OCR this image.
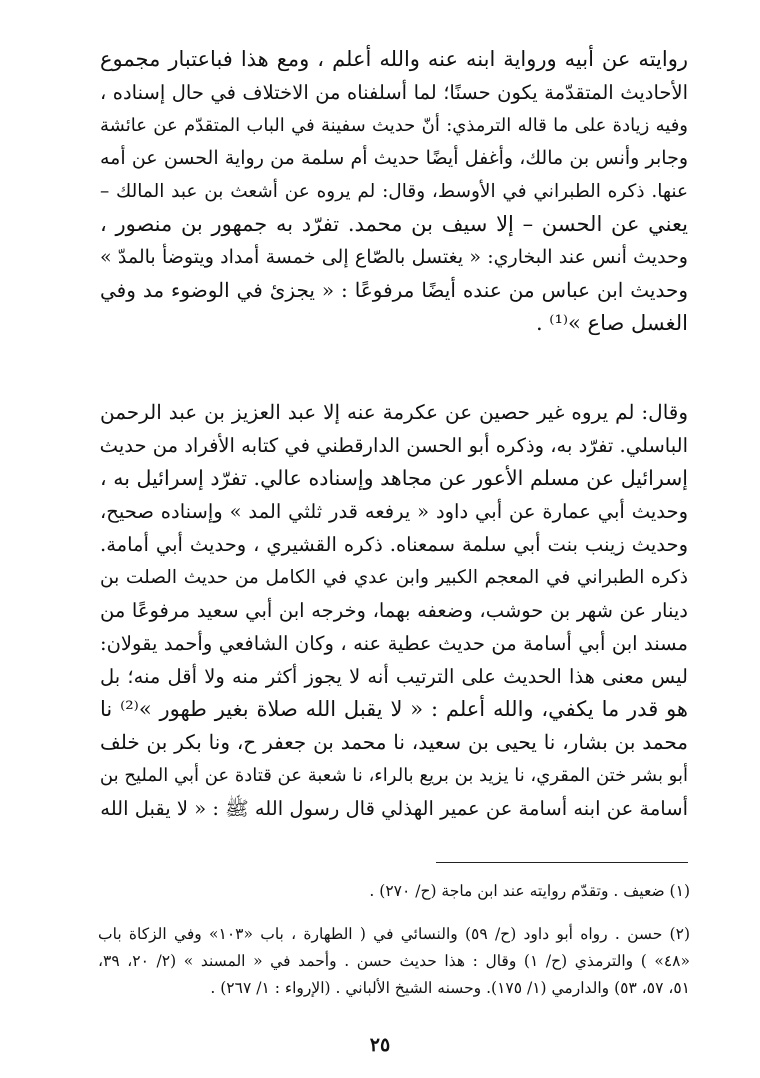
روايته عن أبيه ورواية ابنه عنه والله أعلم ، ومع هذا فباعتبار مجموع
الأحاديث المتقدّمة يكون حسنًا؛ لما أسلفناه من الاختلاف في حال إسناده ،
وفيه زيادة على ما قاله الترمذي: أنّ حديث سفينة في الباب المتقدّم عن عائشة
وجابر وأنس بن مالك، وأغفل أيضًا حديث أم سلمة من رواية الحسن عن أمه
عنها. ذكره الطبراني في الأوسط، وقال: لم يروه عن أشعث بن عبد المالك –
يعني عن الحسن – إلا سيف بن محمد. تفرّد به جمهور بن منصور ،
وحديث أنس عند البخاري: « يغتسل بالصّاع إلى خمسة أمداد ويتوضأ بالمدّ »
وحديث ابن عباس من عنده أيضًا مرفوعًا : « يجزئ في الوضوء مد وفي
الغسل صاع »⁽¹⁾ .
وقال: لم يروه غير حصين عن عكرمة عنه إلا عبد العزيز بن عبد الرحمن
الباسلي. تفرّد به، وذكره أبو الحسن الدارقطني في كتابه الأفراد من حديث
إسرائيل عن مسلم الأعور عن مجاهد وإسناده عالي. تفرّد إسرائيل به ،
وحديث أبي عمارة عن أبي داود « يرفعه قدر ثلثي المد » وإسناده صحيح،
وحديث زينب بنت أبي سلمة سمعناه. ذكره القشيري ، وحديث أبي أمامة.
ذكره الطبراني في المعجم الكبير وابن عدي في الكامل من حديث الصلت بن
دينار عن شهر بن حوشب، وضعفه بهما، وخرجه ابن أبي سعيد مرفوعًا من
مسند ابن أبي أسامة من حديث عطية عنه ، وكان الشافعي وأحمد يقولان:
ليس معنى هذا الحديث على الترتيب أنه لا يجوز أكثر منه ولا أقل منه؛ بل
هو قدر ما يكفي، والله أعلم : « لا يقبل الله صلاة بغير طهور »⁽²⁾ نا
محمد بن بشار، نا يحيى بن سعيد، نا محمد بن جعفر ح، ونا بكر بن خلف
أبو بشر ختن المقري، نا يزيد بن بريع بالراء، نا شعبة عن قتادة عن أبي المليح بن
أسامة عن ابنه أسامة عن عمير الهذلي قال رسول الله ﷺ : « لا يقبل الله
(١) ضعيف . وتقدّم روايته عند ابن ماجة (ح/ ٢٧٠) .
(٢) حسن . رواه أبو داود (ح/ ٥٩) والنسائي في ( الطهارة ، باب «١٠٣» وفي الزكاة باب
«٤٨» ) والترمذي (ح/ ١) وقال : هذا حديث حسن . وأحمد في « المسند » (٢/ ٢٠، ٣٩،
٥١، ٥٧، ٥٣) والدارمي (١/ ١٧٥). وحسنه الشيخ الألباني . (الإرواء : ١/ ٢٦٧) .
٢٥
